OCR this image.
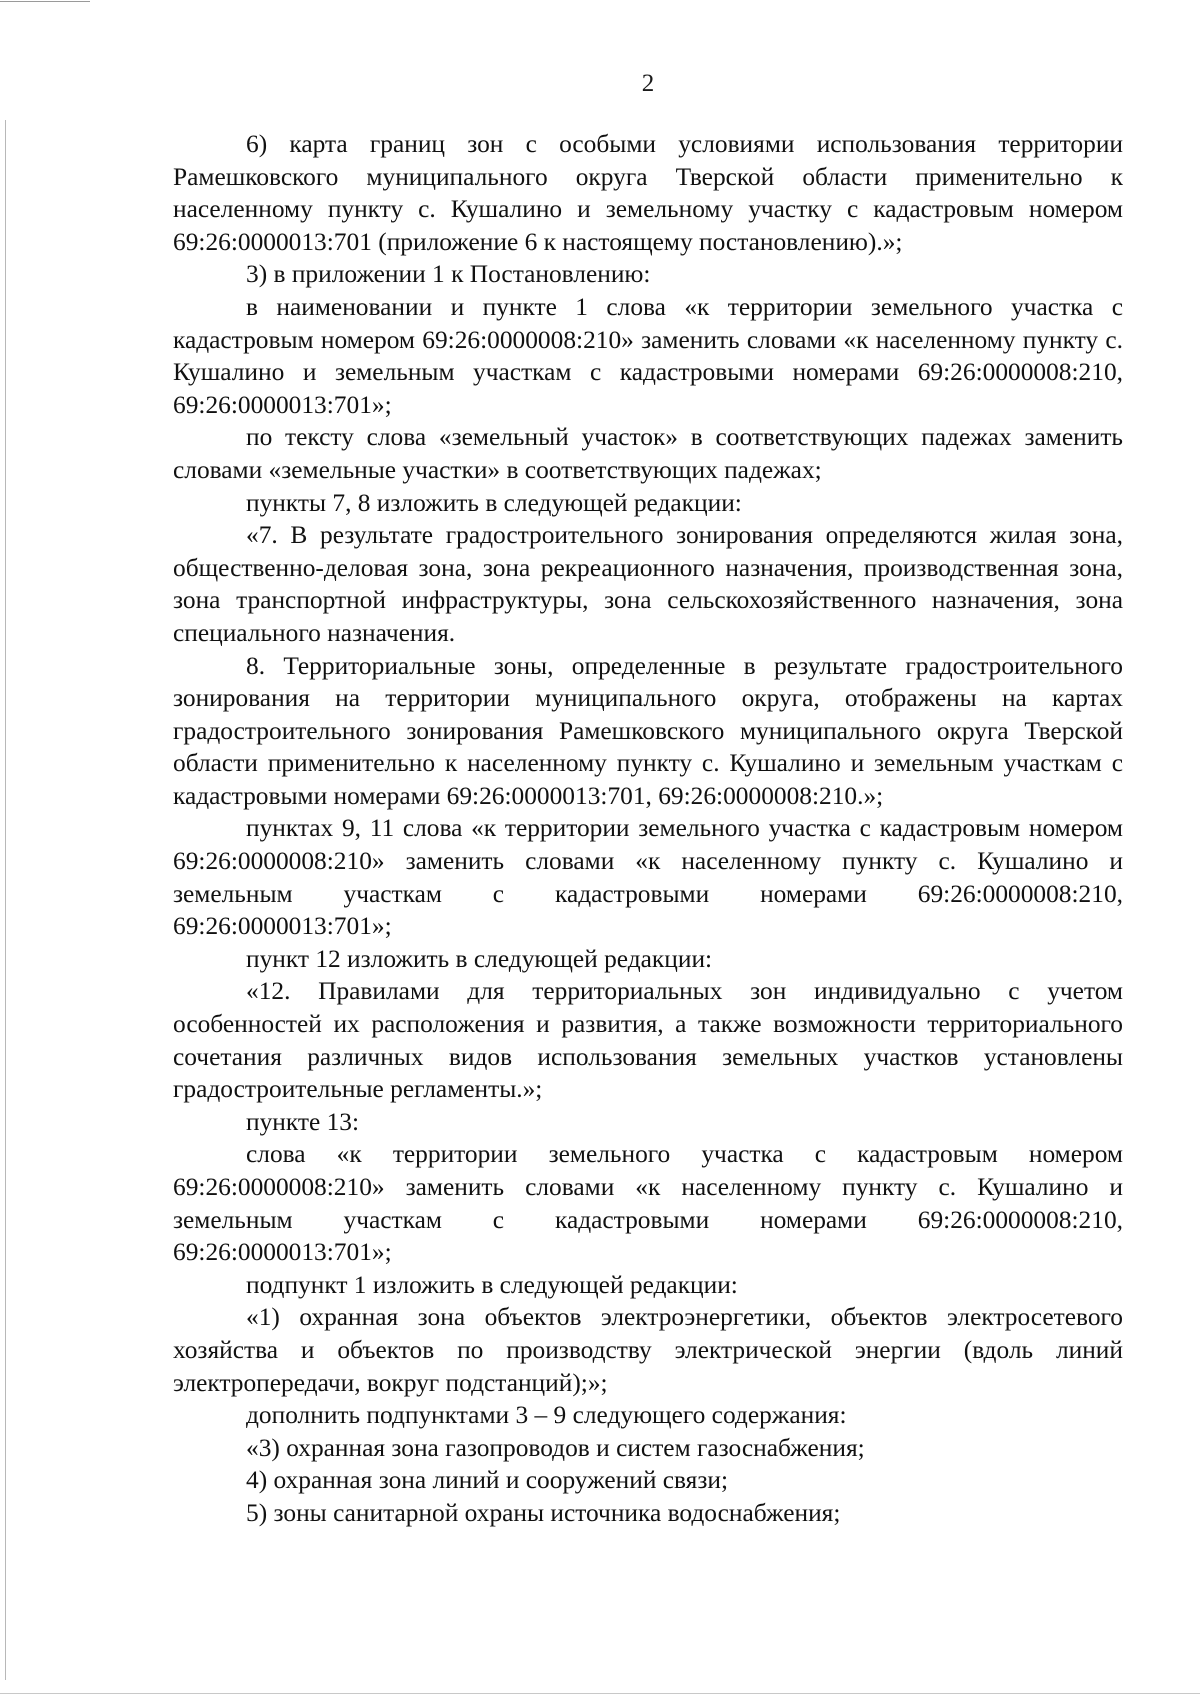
2

6) карта границ зон с особыми условиями использования территории Рамешковского муниципального округа Тверской области применительно к населенному пункту с. Кушалино и земельному участку с кадастровым номером 69:26:0000013:701 (приложение 6 к настоящему постановлению).»;

3) в приложении 1 к Постановлению:

в наименовании и пункте 1 слова «к территории земельного участка с кадастровым номером 69:26:0000008:210» заменить словами «к населенному пункту с. Кушалино и земельным участкам с кадастровыми номерами 69:26:0000008:210, 69:26:0000013:701»;

по тексту слова «земельный участок» в соответствующих падежах заменить словами «земельные участки» в соответствующих падежах;

пункты 7, 8 изложить в следующей редакции:

«7. В результате градостроительного зонирования определяются жилая зона, общественно-деловая зона, зона рекреационного назначения, производственная зона, зона транспортной инфраструктуры, зона сельскохозяйственного назначения, зона специального назначения.

8. Территориальные зоны, определенные в результате градостроительного зонирования на территории муниципального округа, отображены на картах градостроительного зонирования Рамешковского муниципального округа Тверской области применительно к населенному пункту с. Кушалино и земельным участкам с кадастровыми номерами 69:26:0000013:701, 69:26:0000008:210.»;

пунктах 9, 11 слова «к территории земельного участка с кадастровым номером 69:26:0000008:210» заменить словами «к населенному пункту с. Кушалино и земельным участкам с кадастровыми номерами 69:26:0000008:210, 69:26:0000013:701»;

пункт 12 изложить в следующей редакции:

«12. Правилами для территориальных зон индивидуально с учетом особенностей их расположения и развития, а также возможности территориального сочетания различных видов использования земельных участков установлены градостроительные регламенты.»;

пункте 13:

слова «к территории земельного участка с кадастровым номером 69:26:0000008:210» заменить словами «к населенному пункту с. Кушалино и земельным участкам с кадастровыми номерами 69:26:0000008:210, 69:26:0000013:701»;

подпункт 1 изложить в следующей редакции:

«1) охранная зона объектов электроэнергетики, объектов электросетевого хозяйства и объектов по производству электрической энергии (вдоль линий электропередачи, вокруг подстанций);»;

дополнить подпунктами 3 – 9 следующего содержания:

«3) охранная зона газопроводов и систем газоснабжения;

4) охранная зона линий и сооружений связи;

5) зоны санитарной охраны источника водоснабжения;
